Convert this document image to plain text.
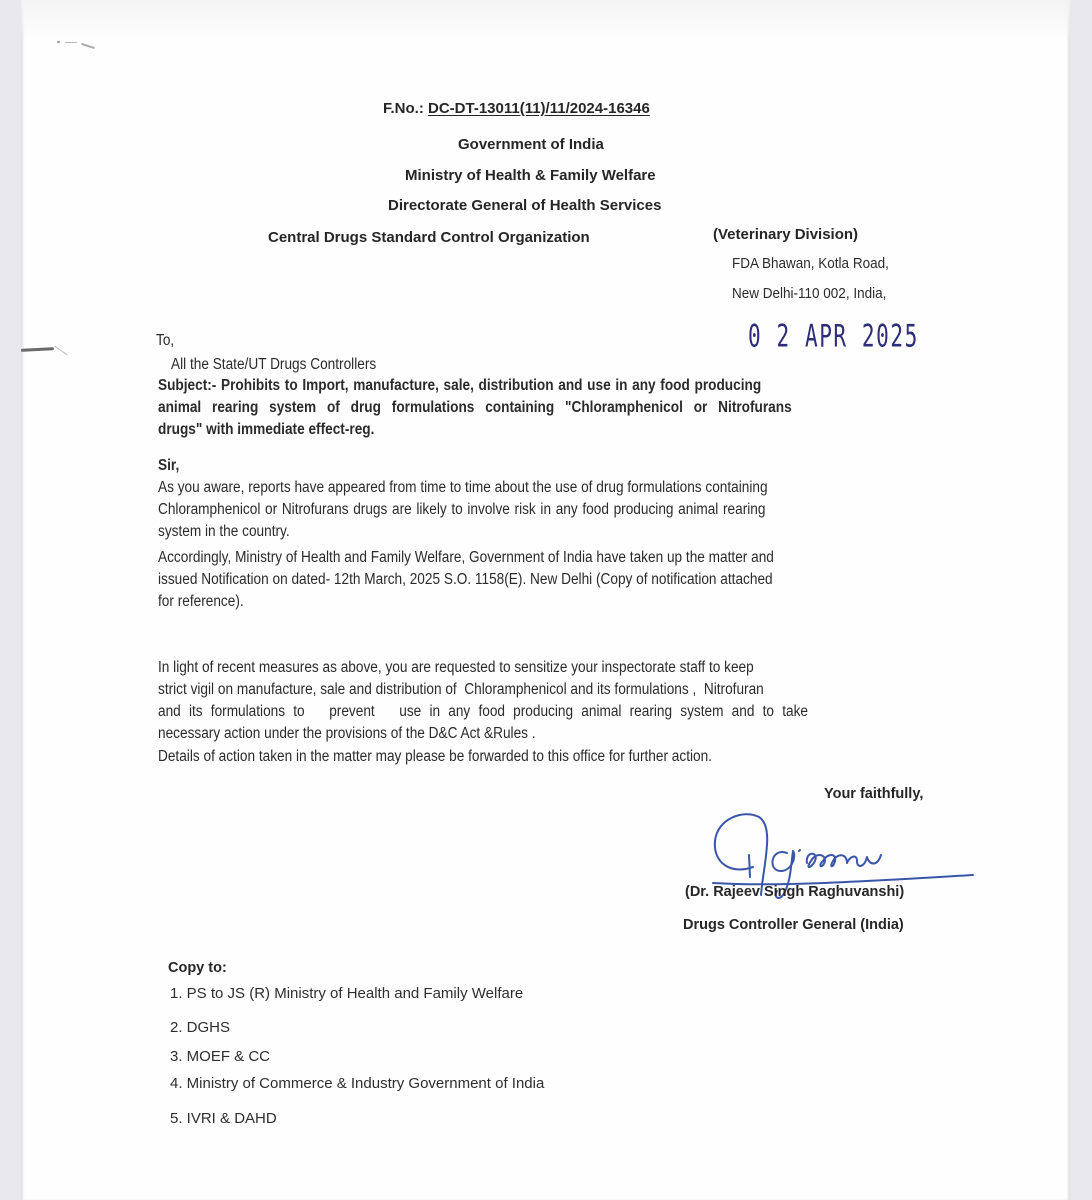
F.No.: DC-DT-13011(11)/11/2024-16346
Government of India
Ministry of Health & Family Welfare
Directorate General of Health Services
Central Drugs Standard Control Organization	(Veterinary Division)
FDA Bhawan, Kotla Road,
New Delhi-110 002, India,
0 2 APR 2025
To,
All the State/UT Drugs Controllers
Subject:- Prohibits to Import, manufacture, sale, distribution and use in any food producing
animal rearing system of drug formulations containing "Chloramphenicol or Nitrofurans
drugs" with immediate effect-reg.
Sir,
As you aware, reports have appeared from time to time about the use of drug formulations containing
Chloramphenicol or Nitrofurans drugs are likely to involve risk in any food producing animal rearing
system in the country.
Accordingly, Ministry of Health and Family Welfare, Government of India have taken up the matter and
issued Notification on dated- 12th March, 2025 S.O. 1158(E). New Delhi (Copy of notification attached
for reference).
In light of recent measures as above, you are requested to sensitize your inspectorate staff to keep
strict vigil on manufacture, sale and distribution of  Chloramphenicol and its formulations ,  Nitrofuran
and its formulations to   prevent   use in any food producing animal rearing system and to take
necessary action under the provisions of the D&C Act &Rules .
Details of action taken in the matter may please be forwarded to this office for further action.
Your faithfully,
(Dr. Rajeev Singh Raghuvanshi)
Drugs Controller General (India)
Copy to:
1. PS to JS (R) Ministry of Health and Family Welfare
2. DGHS
3. MOEF & CC
4. Ministry of Commerce & Industry Government of India
5. IVRI & DAHD
